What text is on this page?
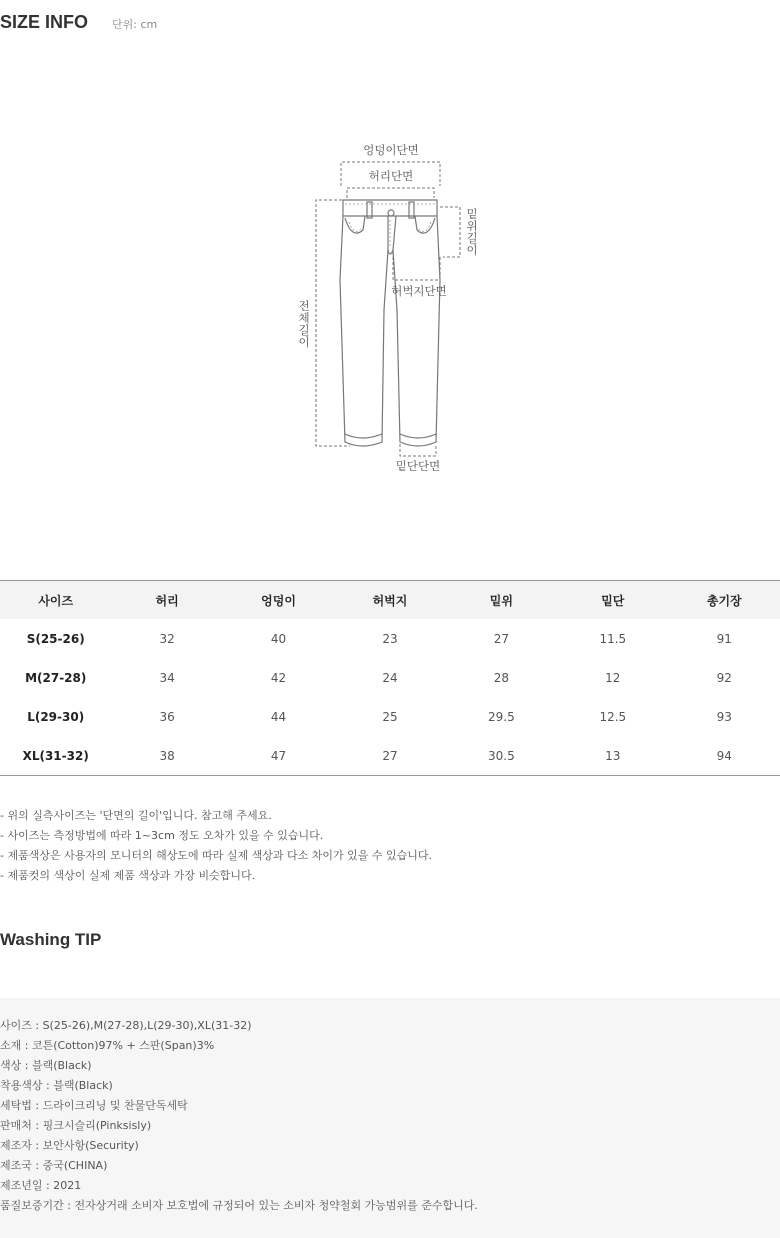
SIZE INFO 단위: cm
엉덩이단면
허리단면
허벅지단면
밑단단면
밑
위
길
이
전
체
길
이
사이즈	허리	엉덩이	허벅지	밑위	밑단	총기장
S(25-26)	32	40	23	27	11.5	91
M(27-28)	34	42	24	28	12	92
L(29-30)	36	44	25	29.5	12.5	93
XL(31-32)	38	47	27	30.5	13	94
- 위의 실측사이즈는 '단면의 길이'입니다. 참고해 주세요.
- 사이즈는 측정방법에 따라 1~3cm 정도 오차가 있을 수 있습니다.
- 제품색상은 사용자의 모니터의 해상도에 따라 실제 색상과 다소 차이가 있을 수 있습니다.
- 제품컷의 색상이 실제 제품 색상과 가장 비슷합니다.
Washing TIP
사이즈 : S(25-26),M(27-28),L(29-30),XL(31-32)
소재 : 코튼(Cotton)97% + 스판(Span)3%
색상 : 블랙(Black)
착용색상 : 블랙(Black)
세탁법 : 드라이크리닝 및 찬물단독세탁
판매처 : 핑크시슬리(Pinksisly)
제조자 : 보안사항(Security)
제조국 : 중국(CHINA)
제조년일 : 2021
품질보증기간 : 전자상거래 소비자 보호법에 규정되어 있는 소비자 청약철회 가능범위를 준수합니다.
